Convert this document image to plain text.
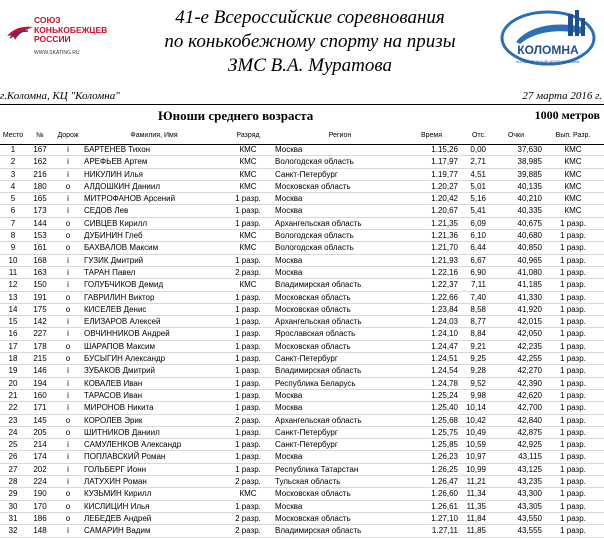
СОЮЗ
КОНЬКОБЕЖЦЕВ
РОССИИ
WWW.SKATING.RU
41-е Всероссийские соревнования
по конькобежному спорту на призы
ЗМС В.А. Муратова
КОЛОМНА
КОНЬКОБЕЖНЫЙ ЦЕНТР КОЛОМНА
г.Коломна, КЦ "Коломна"	27 марта 2016 г.
Юноши среднего возраста	1000 метров
Место	№	Дорож	Фамилия, Имя	Разряд	Регион	Время	Отс.	Очки	Вып. Разр.
1	167	i	БАРТЕНЕВ Тихон	КМС	Москва	1.15,26	0,00	37,630	КМС
2	162	i	АРЕФЬЕВ Артем	КМС	Вологодская область	1.17,97	2,71	38,985	КМС
3	216	i	НИКУЛИН Илья	КМС	Санкт-Петербург	1.19,77	4,51	39,885	КМС
4	180	o	АЛДОШКИН Даниил	КМС	Московская область	1.20,27	5,01	40,135	КМС
5	165	i	МИТРОФАНОВ Арсений	1 разр.	Москва	1.20,42	5,16	40,210	КМС
6	173	i	СЕДОВ Лев	1 разр.	Москва	1.20,67	5,41	40,335	КМС
7	144	o	СИВЦЕВ Кирилл	1 разр.	Архангельская область	1.21,35	6,09	40,675	1 разр.
8	153	o	ДУБИНИН Глеб	КМС	Вологодская область	1.21,36	6,10	40,680	1 разр.
9	161	o	БАХВАЛОВ Максим	КМС	Вологодская область	1.21,70	6,44	40,850	1 разр.
10	168	i	ГУЗИК Дмитрий	1 разр.	Москва	1.21,93	6,67	40,965	1 разр.
11	163	i	ТАРАН Павел	2 разр.	Москва	1.22,16	6,90	41,080	1 разр.
12	150	i	ГОЛУБЧИКОВ Демид	КМС	Владимирская область	1.22,37	7,11	41,185	1 разр.
13	191	o	ГАВРИЛИН Виктор	1 разр.	Московская область	1.22,66	7,40	41,330	1 разр.
14	175	o	КИСЕЛЕВ Денис	1 разр.	Московская область	1.23,84	8,58	41,920	1 разр.
15	142	i	ЕЛИЗАРОВ Алексей	1 разр.	Архангельская область	1.24,03	8,77	42,015	1 разр.
16	227	i	ОВЧИННИКОВ Андрей	1 разр.	Ярославская область	1.24,10	8,84	42,050	1 разр.
17	178	o	ШАРАПОВ Максим	1 разр.	Московская область	1.24,47	9,21	42,235	1 разр.
18	215	o	БУСЫГИН Александр	1 разр.	Санкт-Петербург	1.24,51	9,25	42,255	1 разр.
19	146	i	ЗУБАКОВ Дмитрий	1 разр.	Владимирская область	1.24,54	9,28	42,270	1 разр.
20	194	i	КОВАЛЕВ Иван	1 разр.	Республика Беларусь	1.24,78	9,52	42,390	1 разр.
21	160	i	ТАРАСОВ Иван	1 разр.	Москва	1.25,24	9,98	42,620	1 разр.
22	171	i	МИРОНОВ Никита	1 разр.	Москва	1.25,40 10,14	42,700	1 разр.
23	145	o	КОРОЛЕВ Эрик	2 разр.	Архангельская область	1.25,68 10,42	42,840	1 разр.
24	205	o	ШИТНИКОВ Даниил	1 разр.	Санкт-Петербург	1.25,75 10,49	42,875	1 разр.
25	214	i	САМУЛЕНКОВ Александр	1 разр.	Санкт-Петербург	1.25,85 10,59	42,925	1 разр.
26	174	i	ПОПЛАВСКИЙ Роман	1 разр.	Москва	1.26,23 10,97	43,115	1 разр.
27	202	i	ГОЛЬБЕРГ Ионн	1 разр.	Республика Татарстан	1.26,25 10,99	43,125	1 разр.
28	224	i	ЛАТУХИН Роман	2 разр.	Тульская область	1.26,47	11,21	43,235	1 разр.
29	190	o	КУЗЬМИН Кирилл	КМС	Московская область	1.26,60	11,34	43,300	1 разр.
30	170	o	КИСЛИЦИН Илья	1 разр.	Москва	1.26,61	11,35	43,305	1 разр.
31	186	o	ЛЕБЕДЕВ Андрей	2 разр.	Московская область	1.27,10	11,84	43,550	1 разр.
32	148	i	САМАРИН Вадим	2 разр.	Владимирская область	1.27,11	11,85	43,555	1 разр.
